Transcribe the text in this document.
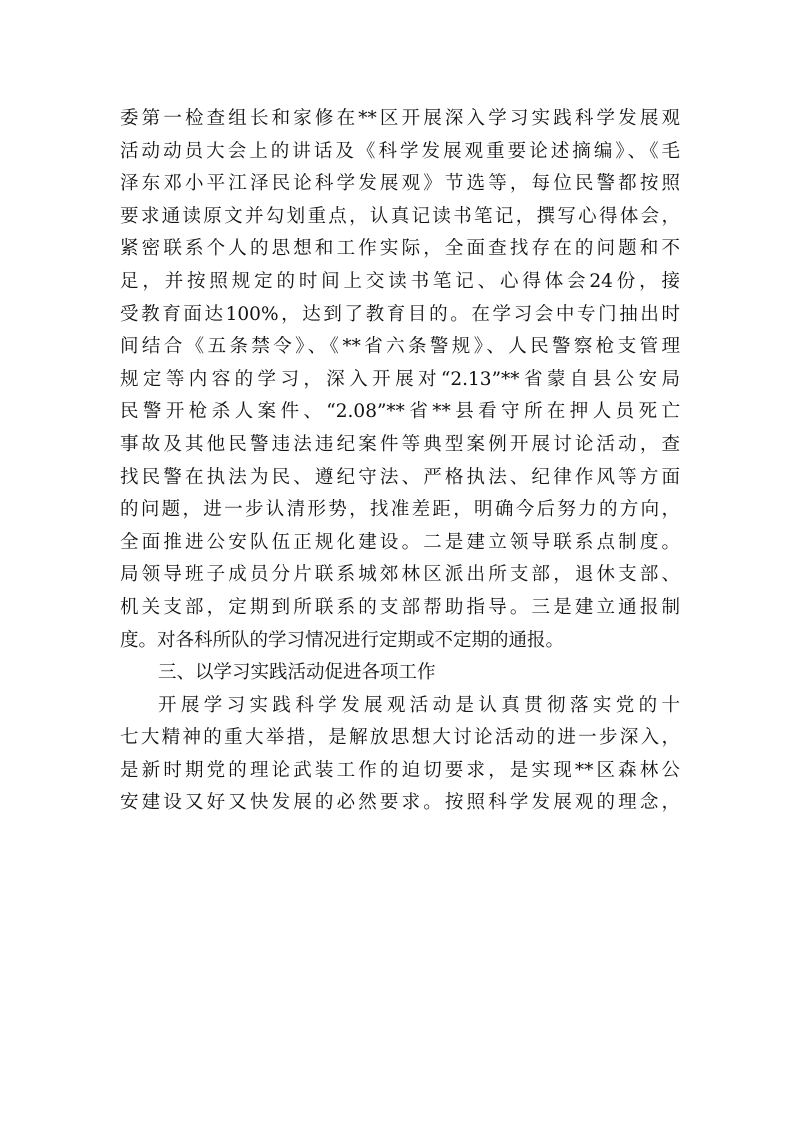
委第一检查组长和家修在**区开展深入学习实践科学发展观
活动动员大会上的讲话及《科学发展观重要论述摘编》、《毛
泽东邓小平江泽民论科学发展观》节选等，每位民警都按照
要求通读原文并勾划重点，认真记读书笔记，撰写心得体会，
紧密联系个人的思想和工作实际，全面查找存在的问题和不
足，并按照规定的时间上交读书笔记、心得体会24份，接
受教育面达100%，达到了教育目的。在学习会中专门抽出时
间结合《五条禁令》、《**省六条警规》、人民警察枪支管理
规定等内容的学习，深入开展对“2.13”**省蒙自县公安局
民警开枪杀人案件、“2.08”**省**县看守所在押人员死亡
事故及其他民警违法违纪案件等典型案例开展讨论活动，查
找民警在执法为民、遵纪守法、严格执法、纪律作风等方面
的问题，进一步认清形势，找准差距，明确今后努力的方向，
全面推进公安队伍正规化建设。二是建立领导联系点制度。
局领导班子成员分片联系城郊林区派出所支部，退休支部、
机关支部，定期到所联系的支部帮助指导。三是建立通报制
度。对各科所队的学习情况进行定期或不定期的通报。
三、以学习实践活动促进各项工作
开展学习实践科学发展观活动是认真贯彻落实党的十
七大精神的重大举措，是解放思想大讨论活动的进一步深入，
是新时期党的理论武装工作的迫切要求，是实现**区森林公
安建设又好又快发展的必然要求。按照科学发展观的理念，
